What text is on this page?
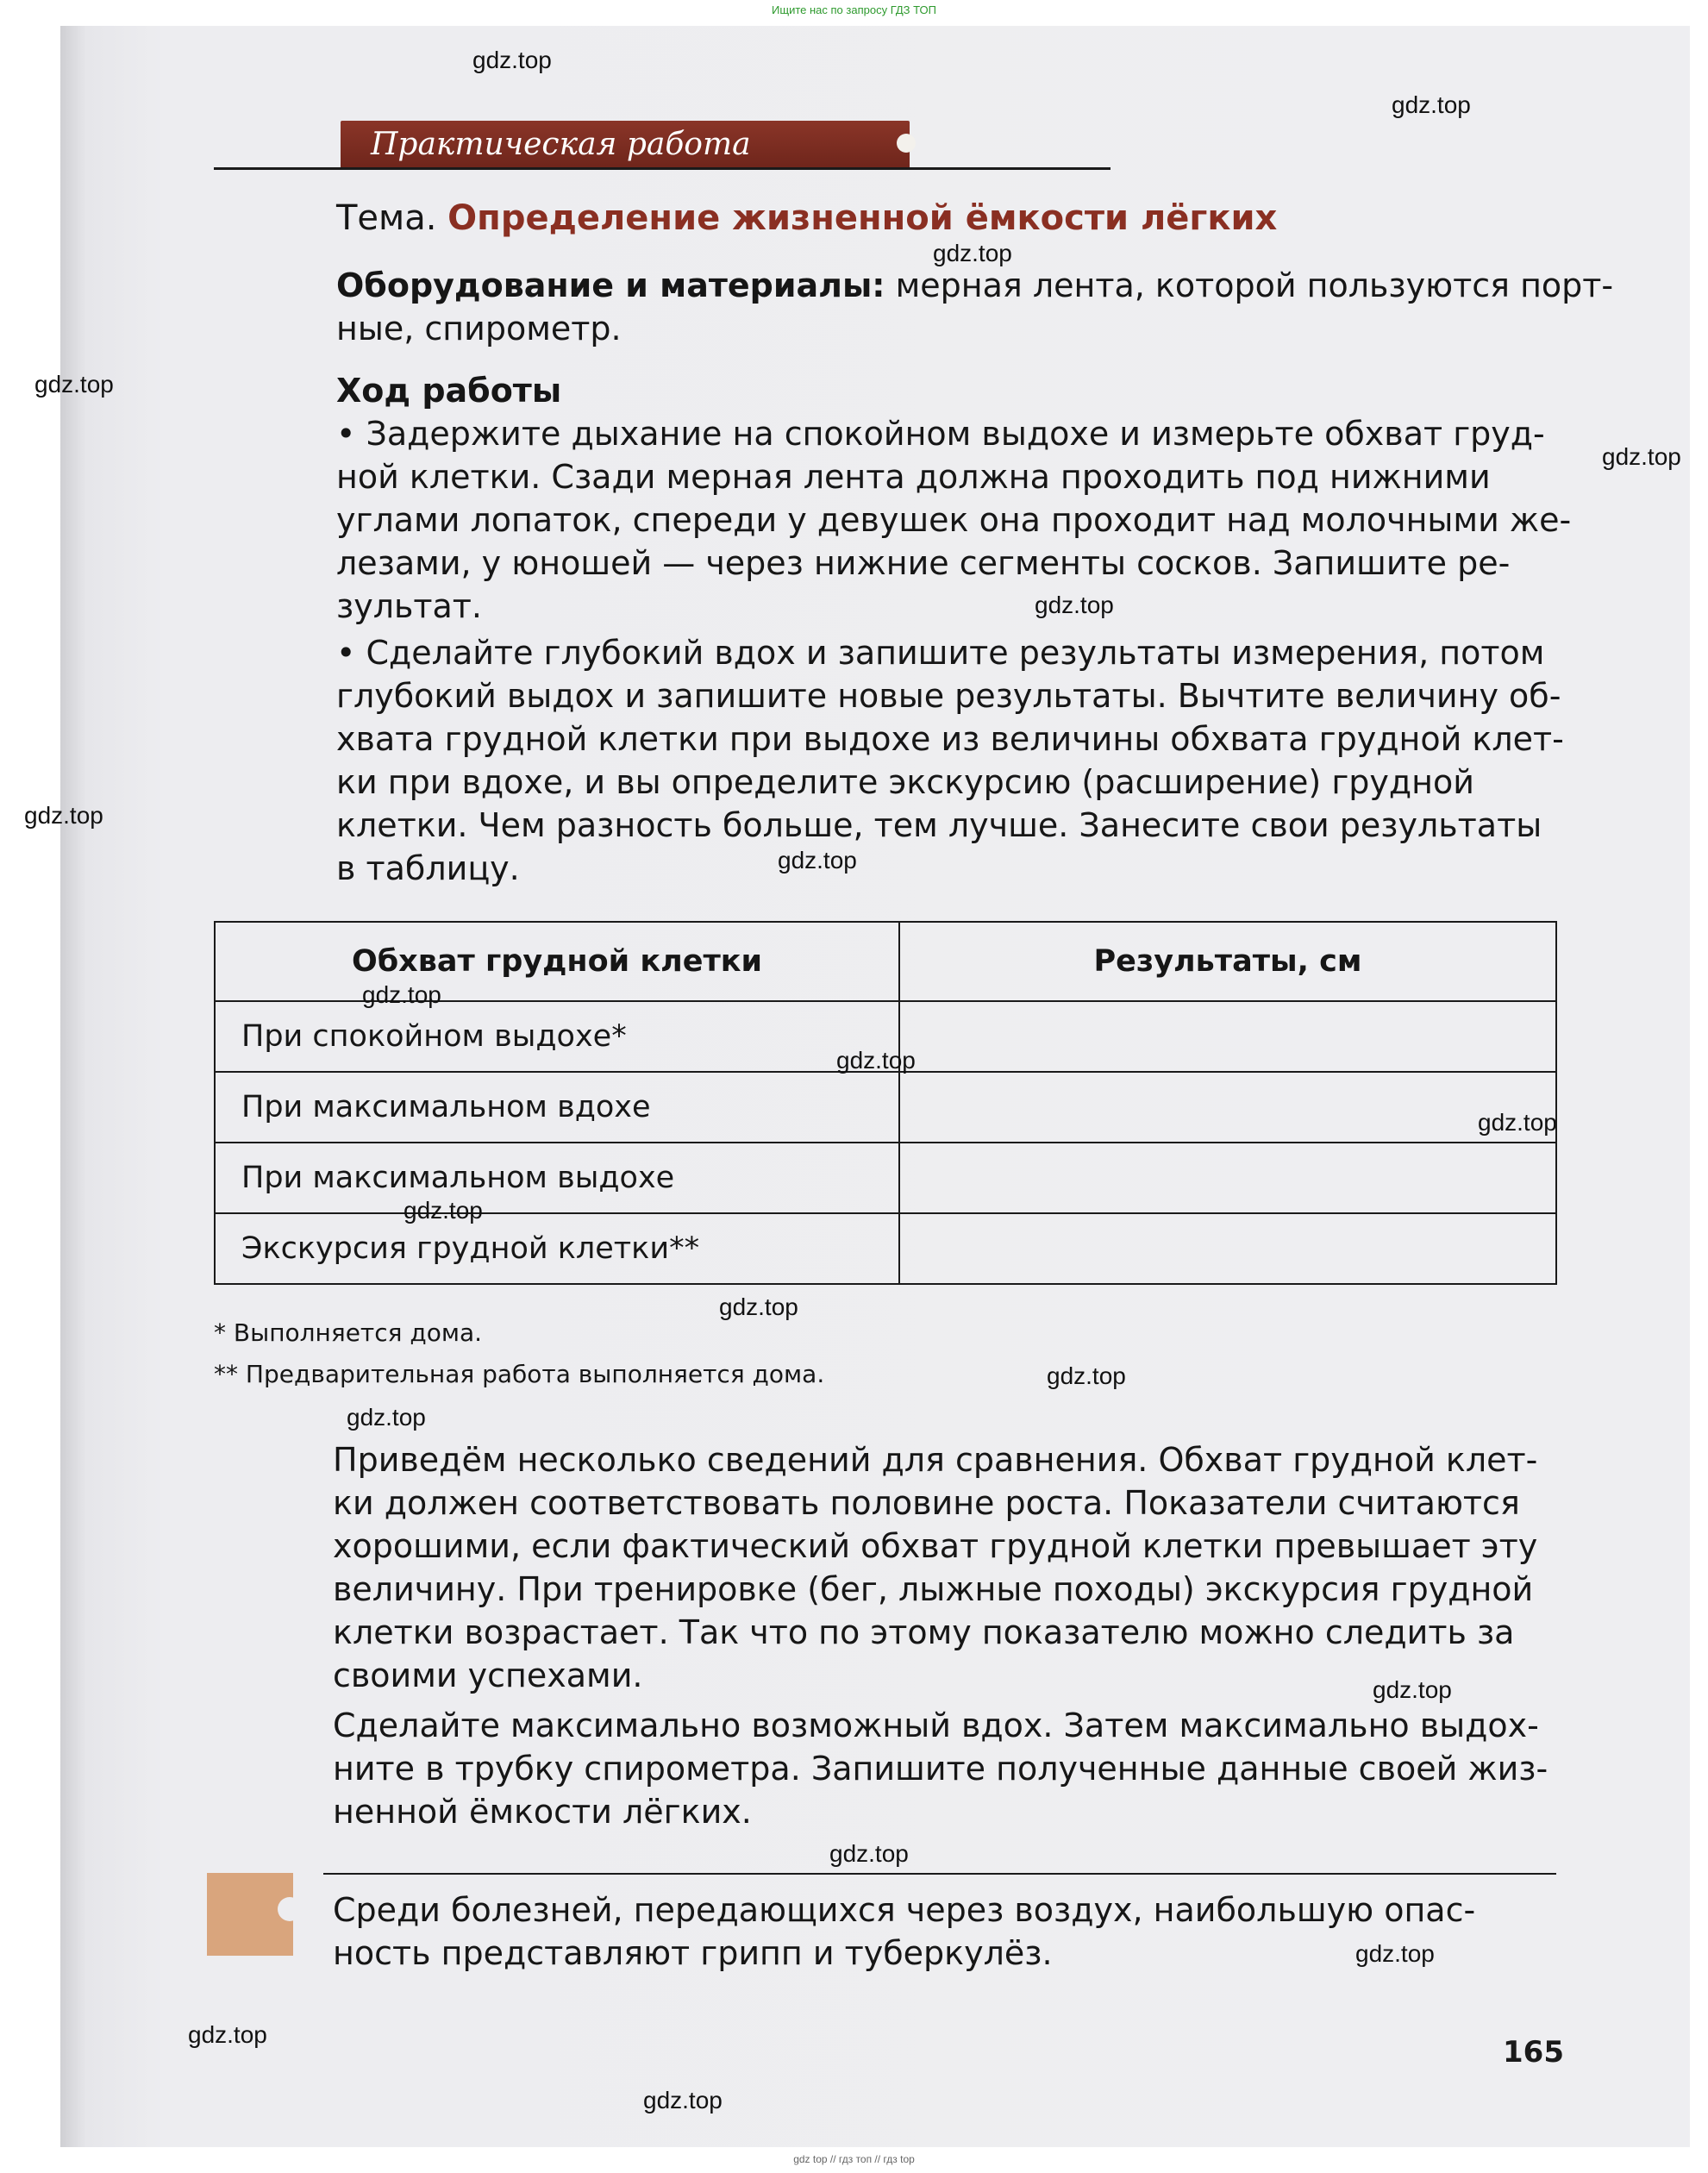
Ищите нас по запросу ГДЗ ТОП
Практическая работа
Тема. Определение жизненной ёмкости лёгких
Оборудование и материалы: мерная лента, которой пользуются порт-
ные, спирометр.
Ход работы
• Задержите дыхание на спокойном выдохе и измерьте обхват груд-
ной клетки. Сзади мерная лента должна проходить под нижними
углами лопаток, спереди у девушек она проходит над молочными же-
лезами, у юношей — через нижние сегменты сосков. Запишите ре-
зультат.
• Сделайте глубокий вдох и запишите результаты измерения, потом
глубокий выдох и запишите новые результаты. Вычтите величину об-
хвата грудной клетки при выдохе из величины обхвата грудной клет-
ки при вдохе, и вы определите экскурсию (расширение) грудной
клетки. Чем разность больше, тем лучше. Занесите свои результаты
в таблицу.
Обхват грудной клетки	Результаты, см
При спокойном выдохе*	
При максимальном вдохе	
При максимальном выдохе	
Экскурсия грудной клетки**	
* Выполняется дома.
** Предварительная работа выполняется дома.
Приведём несколько сведений для сравнения. Обхват грудной клет-
ки должен соответствовать половине роста. Показатели считаются
хорошими, если фактический обхват грудной клетки превышает эту
величину. При тренировке (бег, лыжные походы) экскурсия грудной
клетки возрастает. Так что по этому показателю можно следить за
своими успехами.
Сделайте максимально возможный вдох. Затем максимально выдох-
ните в трубку спирометра. Запишите полученные данные своей жиз-
ненной ёмкости лёгких.
Среди болезней, передающихся через воздух, наибольшую опас-
ность представляют грипп и туберкулёз.
165
gdz.top
gdz.top
gdz.top
gdz.top
gdz.top
gdz.top
gdz.top
gdz.top
gdz.top
gdz.top
gdz.top
gdz.top
gdz.top
gdz.top
gdz.top
gdz.top
gdz.top
gdz.top
gdz.top
gdz.top
gdz top // гдз топ // гдз top
